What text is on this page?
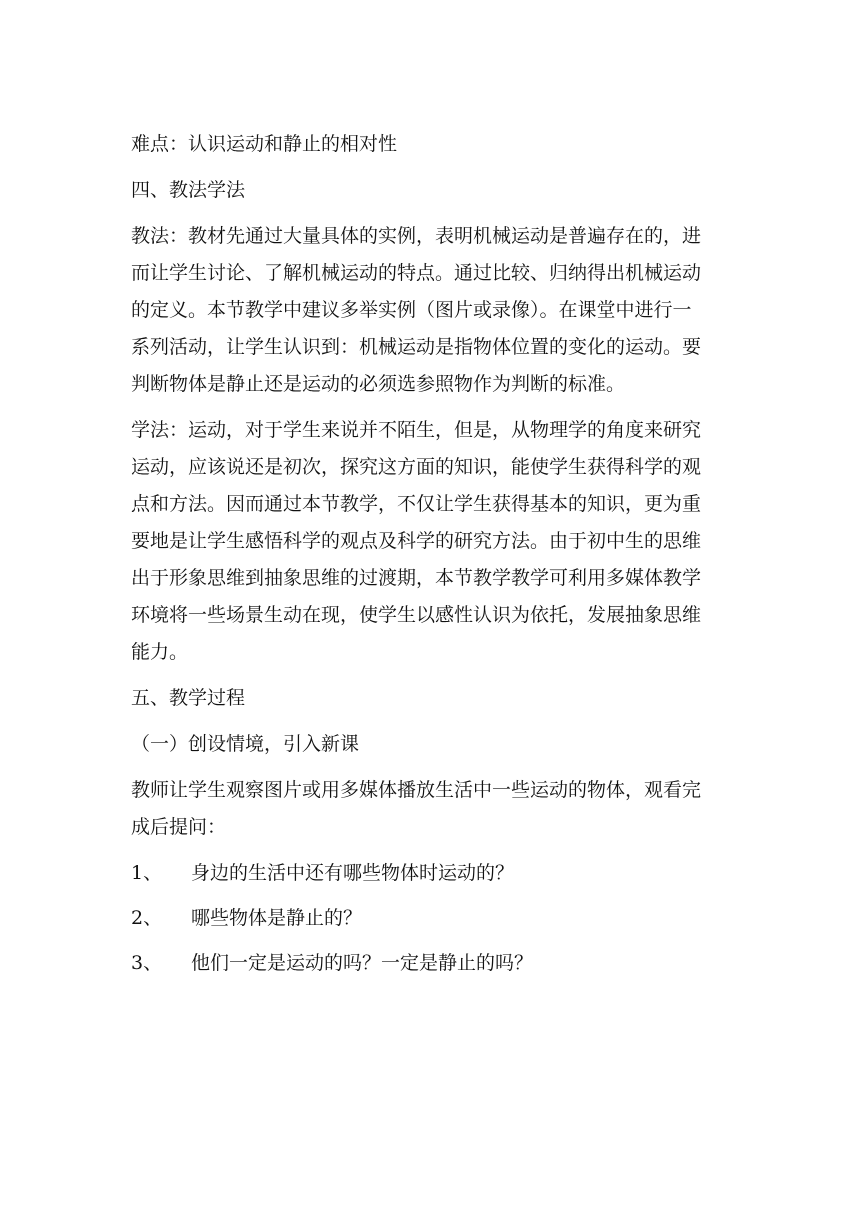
难点：认识运动和静止的相对性

四、教法学法

教法：教材先通过大量具体的实例，表明机械运动是普遍存在的，进

而让学生讨论、了解机械运动的特点。通过比较、归纳得出机械运动

的定义。本节教学中建议多举实例（图片或录像）。在课堂中进行一

系列活动，让学生认识到：机械运动是指物体位置的变化的运动。要

判断物体是静止还是运动的必须选参照物作为判断的标准。

学法：运动，对于学生来说并不陌生，但是，从物理学的角度来研究

运动，应该说还是初次，探究这方面的知识，能使学生获得科学的观

点和方法。因而通过本节教学，不仅让学生获得基本的知识，更为重

要地是让学生感悟科学的观点及科学的研究方法。由于初中生的思维

出于形象思维到抽象思维的过渡期，本节教学教学可利用多媒体教学

环境将一些场景生动在现，使学生以感性认识为依托，发展抽象思维

能力。

五、教学过程

（一）创设情境，引入新课

教师让学生观察图片或用多媒体播放生活中一些运动的物体，观看完

成后提问：

1、	身边的生活中还有哪些物体时运动的？
2、	哪些物体是静止的？
3、	他们一定是运动的吗？一定是静止的吗？
